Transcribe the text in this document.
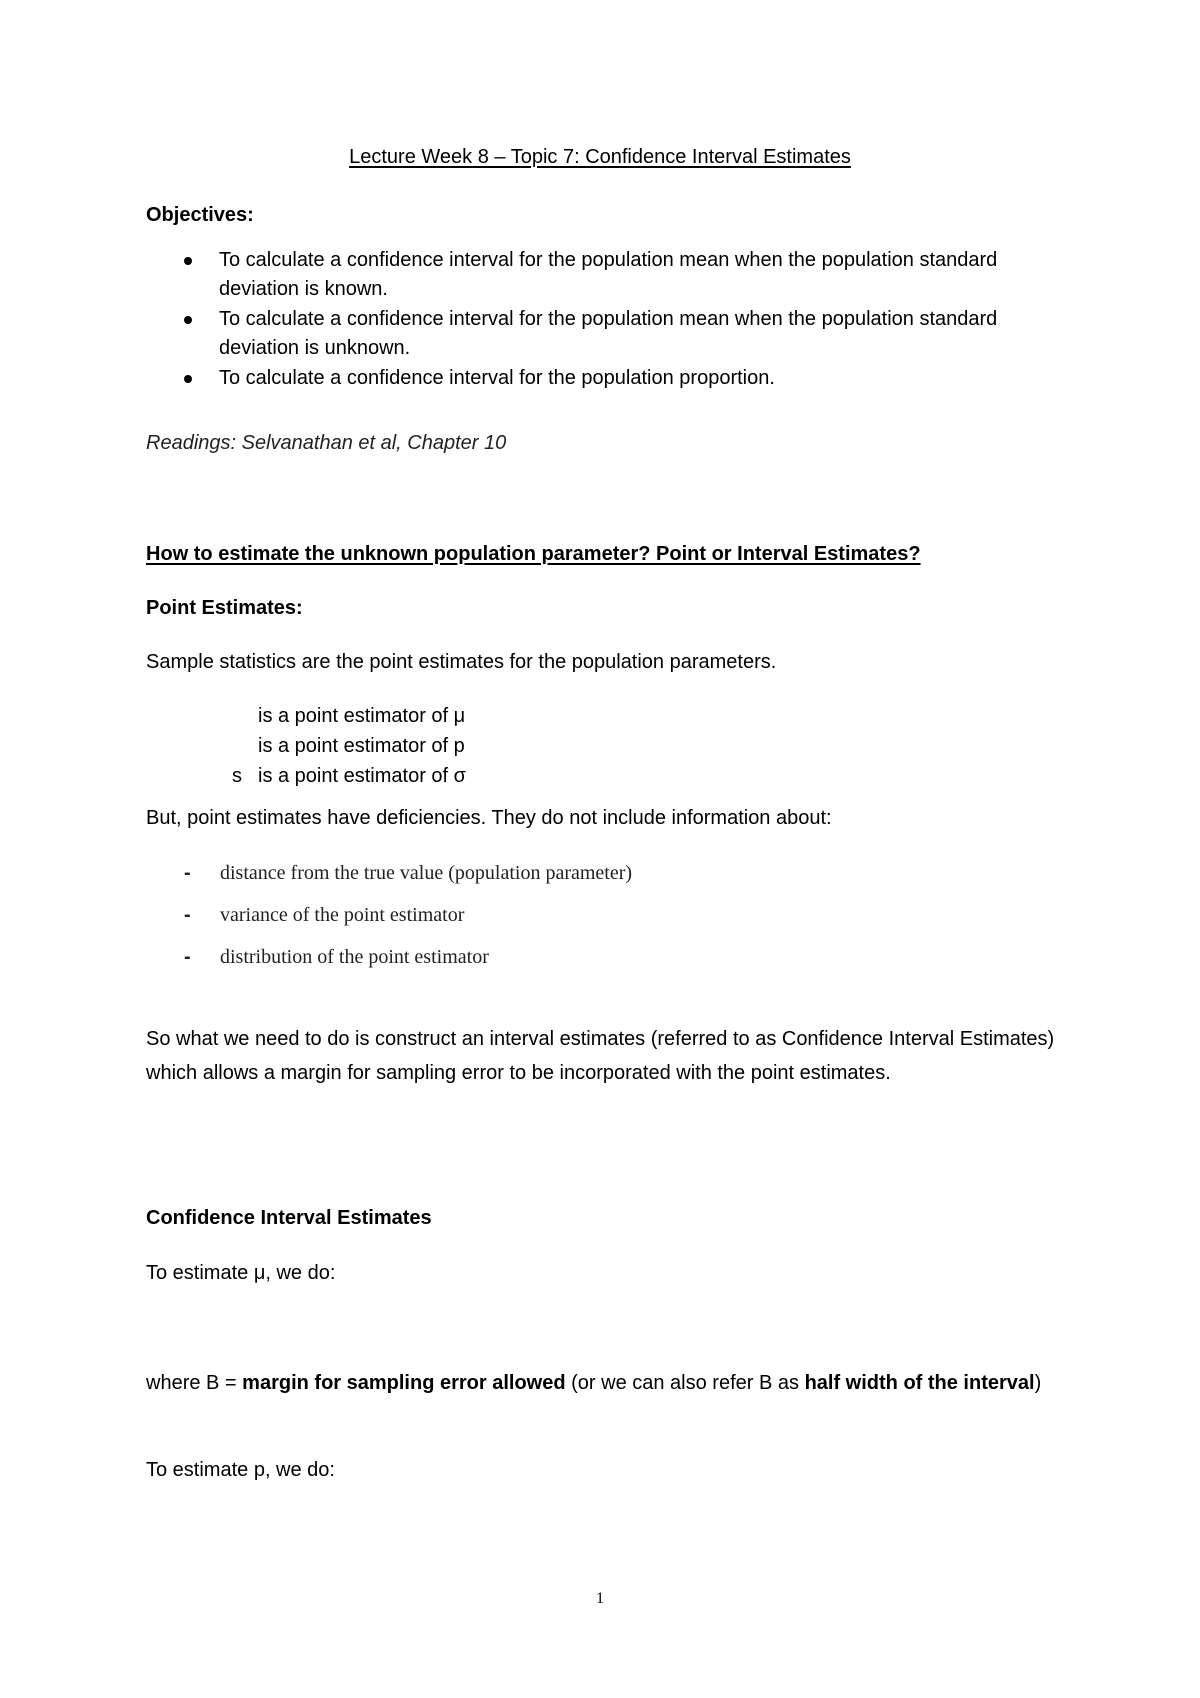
Lecture Week 8 – Topic 7: Confidence Interval Estimates
Objectives:
To calculate a confidence interval for the population mean when the population standard deviation is known.
To calculate a confidence interval for the population mean when the population standard deviation is unknown.
To calculate a confidence interval for the population proportion.
Readings: Selvanathan et al, Chapter 10
How to estimate the unknown population parameter? Point or Interval Estimates?
Point Estimates:
Sample statistics are the point estimates for the population parameters.
is a point estimator of μ
is a point estimator of p
s is a point estimator of σ
But, point estimates have deficiencies. They do not include information about:
- distance from the true value (population parameter)
- variance of the point estimator
- distribution of the point estimator
So what we need to do is construct an interval estimates (referred to as Confidence Interval Estimates) which allows a margin for sampling error to be incorporated with the point estimates.
Confidence Interval Estimates
To estimate μ, we do:
where B = margin for sampling error allowed (or we can also refer B as half width of the interval)
To estimate p, we do:
1
